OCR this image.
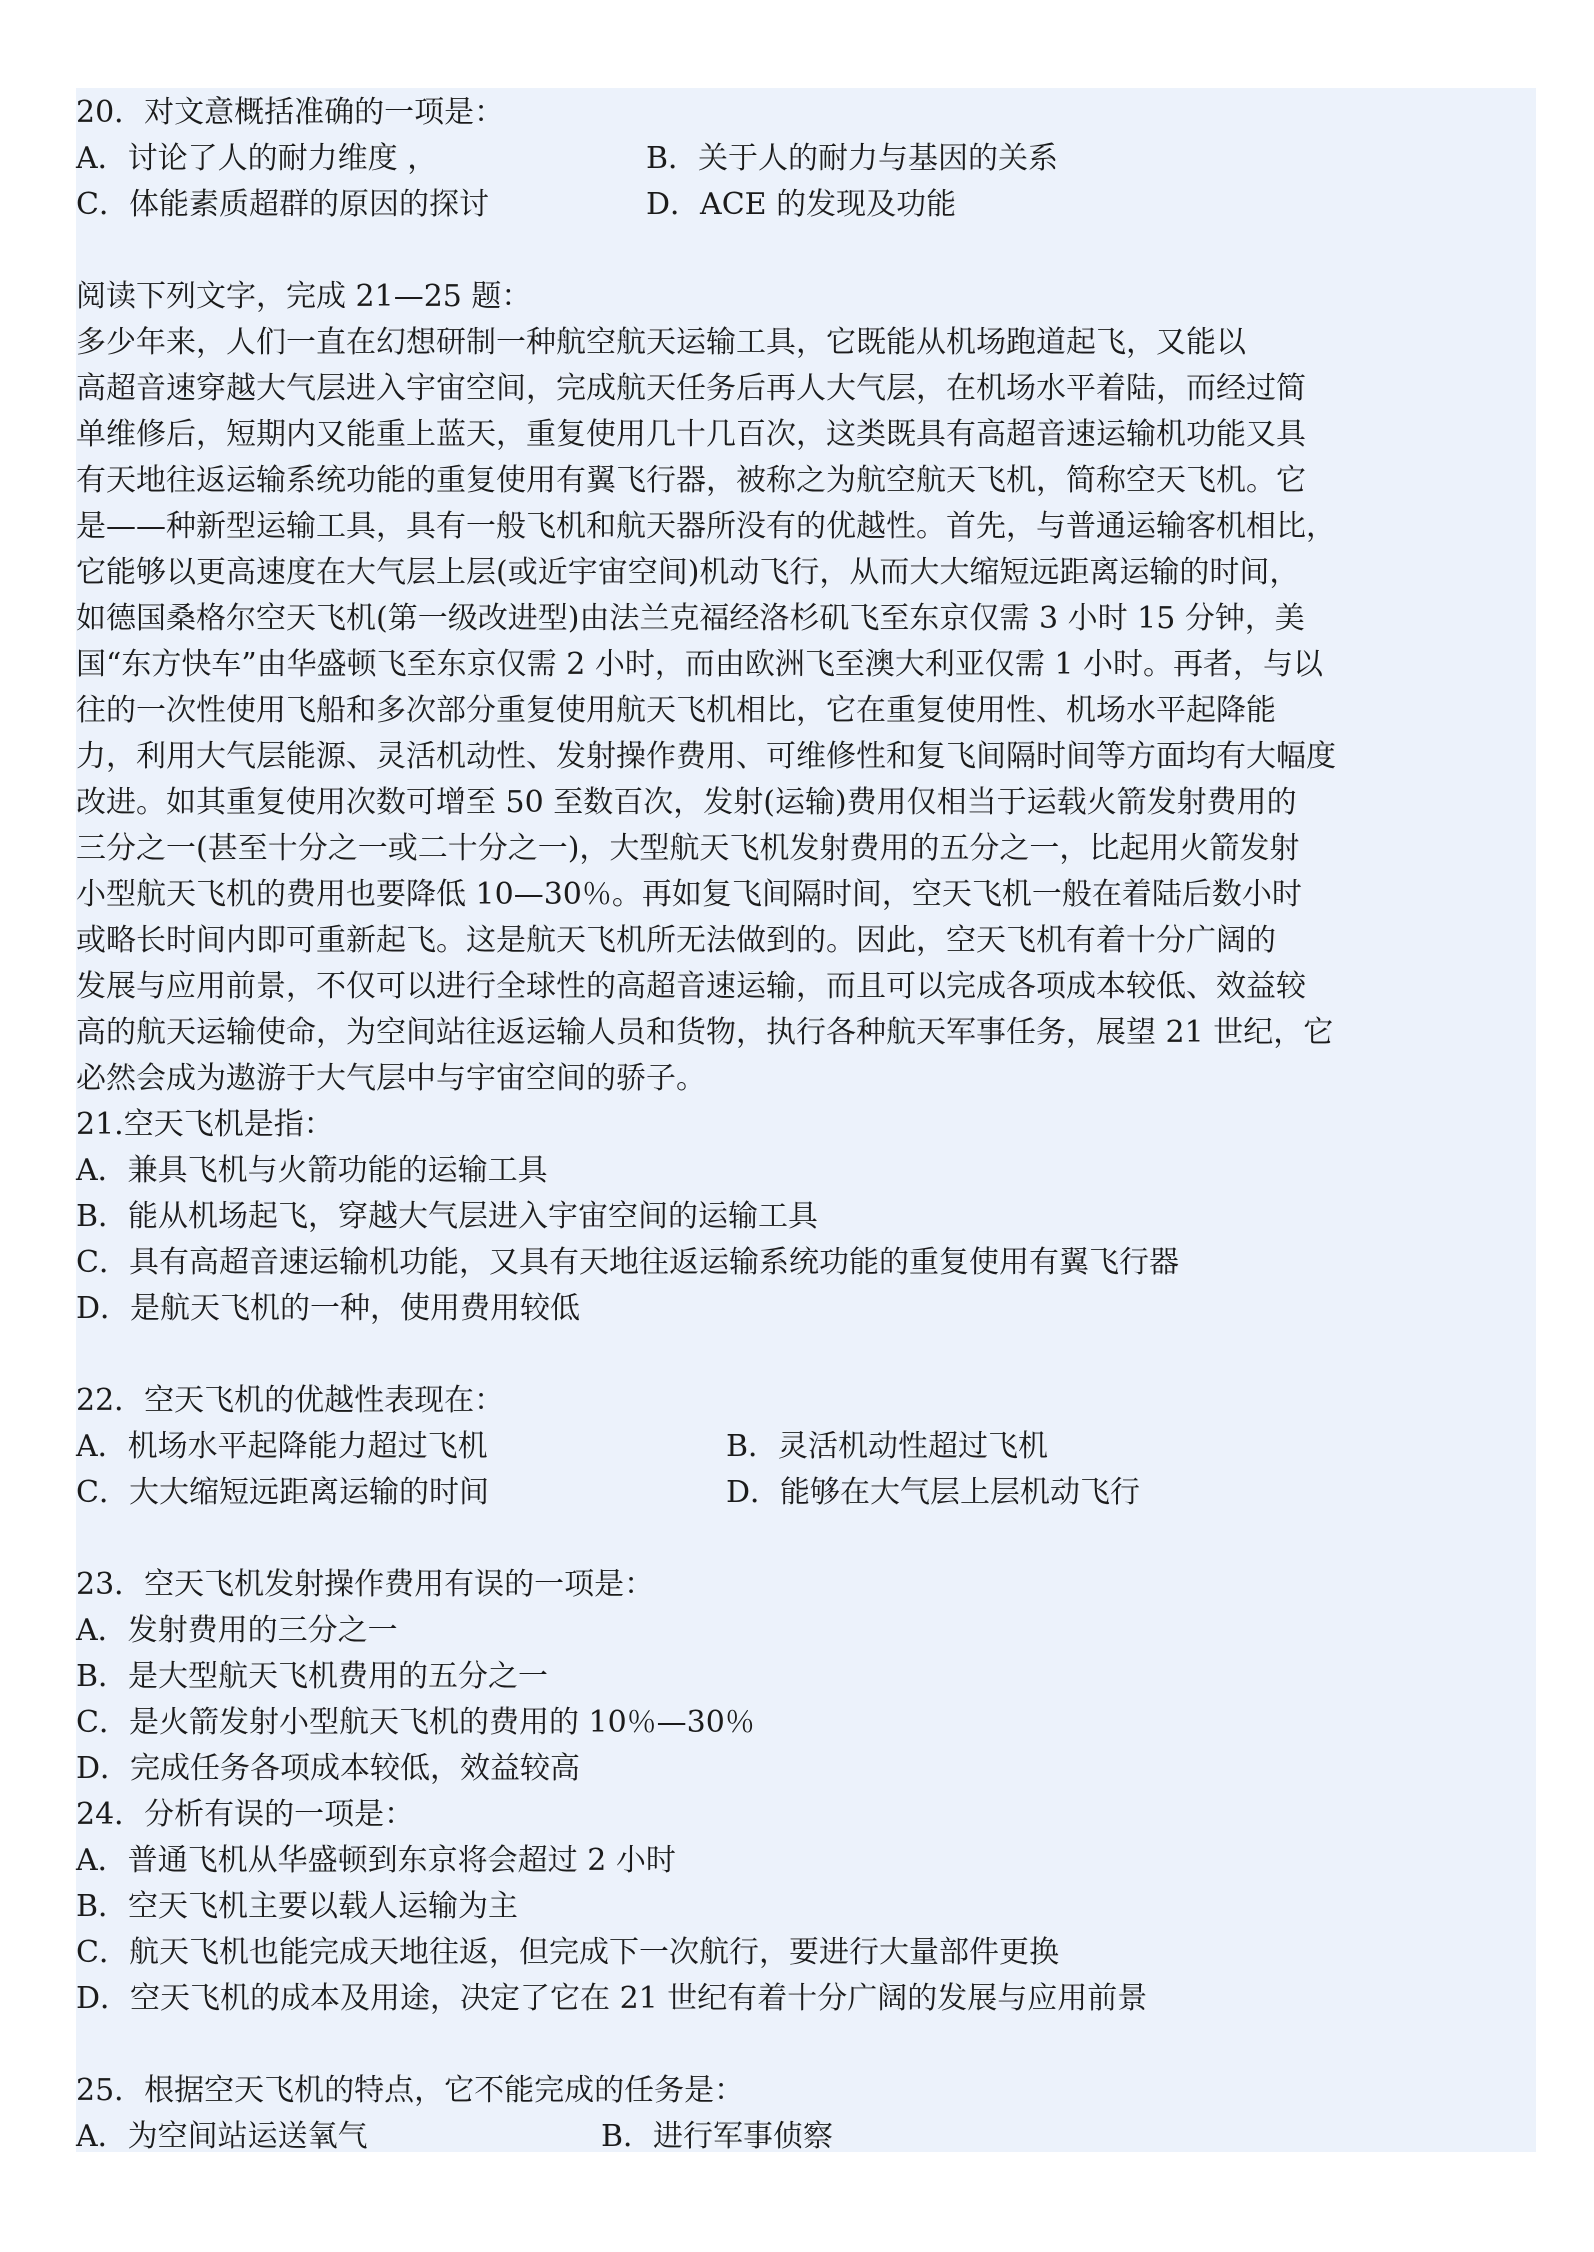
20．对文意概括准确的一项是：
A．讨论了人的耐力维度 ，	B．关于人的耐力与基因的关系
C．体能素质超群的原因的探讨	D．ACE 的发现及功能
阅读下列文字，完成 21—25 题：
多少年来，人们一直在幻想研制一种航空航天运输工具，它既能从机场跑道起飞，又能以
高超音速穿越大气层进入宇宙空间，完成航天任务后再人大气层，在机场水平着陆，而经过简
单维修后，短期内又能重上蓝天，重复使用几十几百次，这类既具有高超音速运输机功能又具
有天地往返运输系统功能的重复使用有翼飞行器，被称之为航空航天飞机，简称空天飞机。它
是——种新型运输工具，具有一般飞机和航天器所没有的优越性。首先，与普通运输客机相比，
它能够以更高速度在大气层上层(或近宇宙空间)机动飞行，从而大大缩短远距离运输的时间，
如德国桑格尔空天飞机(第一级改进型)由法兰克福经洛杉矶飞至东京仅需 3 小时 15 分钟，美
国“东方快车”由华盛顿飞至东京仅需 2 小时，而由欧洲飞至澳大利亚仅需 1 小时。再者，与以
往的一次性使用飞船和多次部分重复使用航天飞机相比，它在重复使用性、机场水平起降能
力，利用大气层能源、灵活机动性、发射操作费用、可维修性和复飞间隔时间等方面均有大幅度
改进。如其重复使用次数可增至 50 至数百次，发射(运输)费用仅相当于运载火箭发射费用的
三分之一(甚至十分之一或二十分之一)，大型航天飞机发射费用的五分之一，比起用火箭发射
小型航天飞机的费用也要降低 10—30％。再如复飞间隔时间，空天飞机一般在着陆后数小时
或略长时间内即可重新起飞。这是航天飞机所无法做到的。因此，空天飞机有着十分广阔的
发展与应用前景，不仅可以进行全球性的高超音速运输，而且可以完成各项成本较低、效益较
高的航天运输使命，为空间站往返运输人员和货物，执行各种航天军事任务，展望 21 世纪，它
必然会成为遨游于大气层中与宇宙空间的骄子。
21.空天飞机是指：
A．兼具飞机与火箭功能的运输工具
B．能从机场起飞，穿越大气层进入宇宙空间的运输工具
C．具有高超音速运输机功能，又具有天地往返运输系统功能的重复使用有翼飞行器
D．是航天飞机的一种，使用费用较低
22．空天飞机的优越性表现在：
A．机场水平起降能力超过飞机	B．灵活机动性超过飞机
C．大大缩短远距离运输的时间	D．能够在大气层上层机动飞行
23．空天飞机发射操作费用有误的一项是：
A．发射费用的三分之一
B．是大型航天飞机费用的五分之一
C．是火箭发射小型航天飞机的费用的 10％—30％
D．完成任务各项成本较低，效益较高
24．分析有误的一项是：
A．普通飞机从华盛顿到东京将会超过 2 小时
B．空天飞机主要以载人运输为主
C．航天飞机也能完成天地往返，但完成下一次航行，要进行大量部件更换
D．空天飞机的成本及用途，决定了它在 21 世纪有着十分广阔的发展与应用前景
25．根据空天飞机的特点，它不能完成的任务是：
A．为空间站运送氧气	B．进行军事侦察
